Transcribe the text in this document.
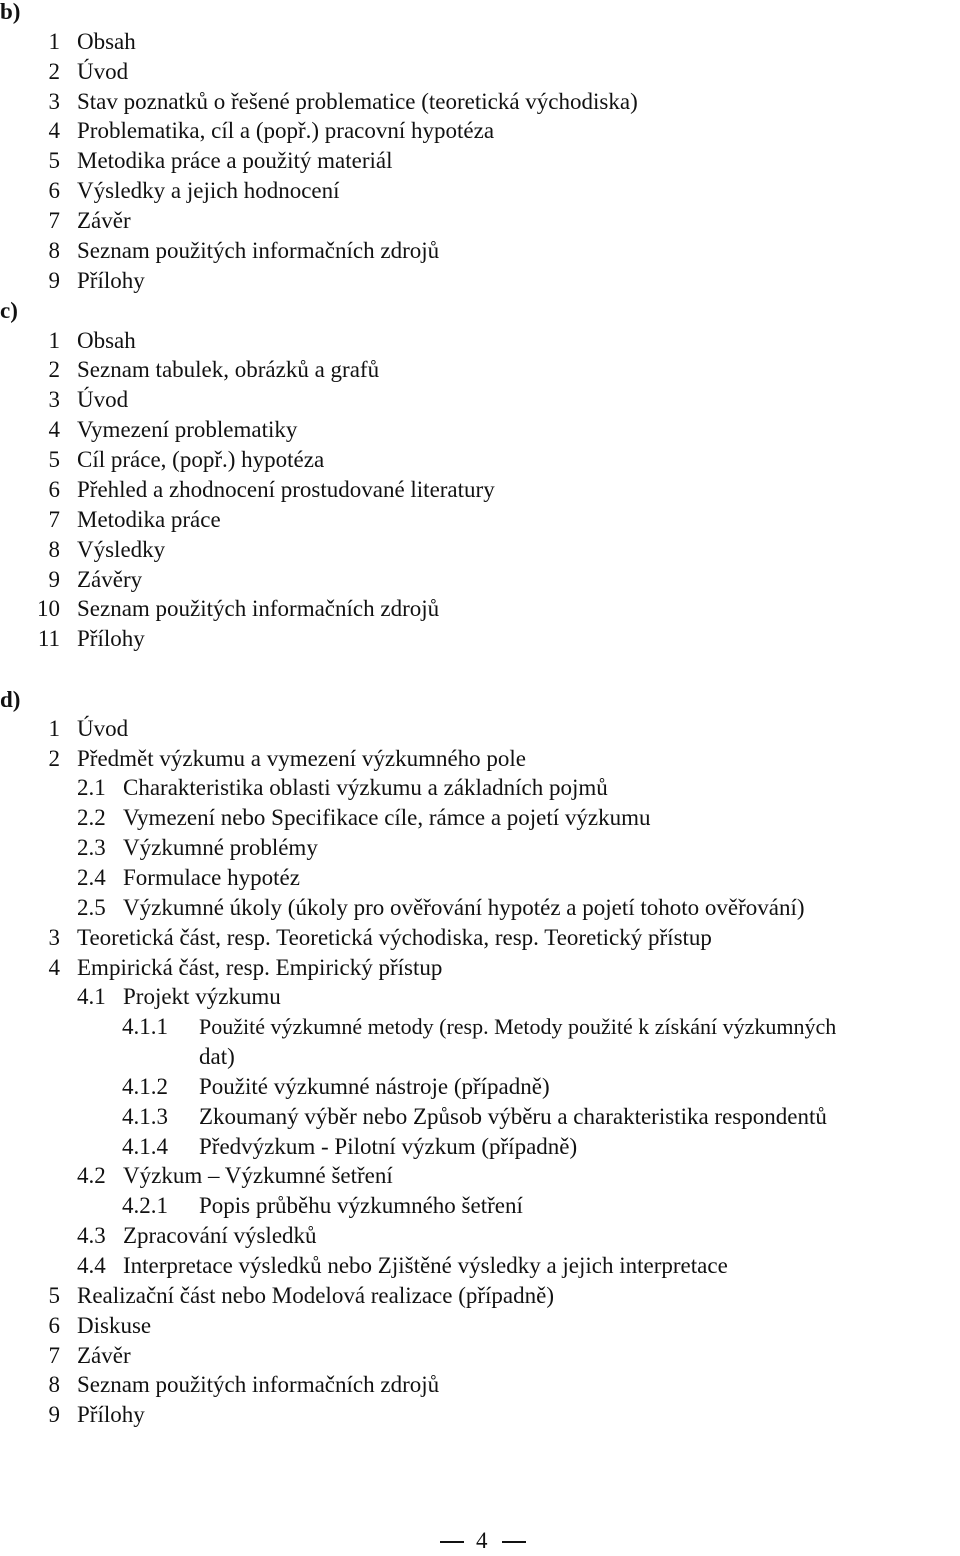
b)
1 Obsah
2 Úvod
3 Stav poznatků o řešené problematice (teoretická východiska)
4 Problematika, cíl a (popř.) pracovní hypotéza
5 Metodika práce a použitý materiál
6 Výsledky a jejich hodnocení
7 Závěr
8 Seznam použitých informačních zdrojů
9 Přílohy
c)
1 Obsah
2 Seznam tabulek, obrázků a grafů
3 Úvod
4 Vymezení problematiky
5 Cíl práce, (popř.) hypotéza
6 Přehled a zhodnocení prostudované literatury
7 Metodika práce
8 Výsledky
9 Závěry
10 Seznam použitých informačních zdrojů
11 Přílohy
d)
1 Úvod
2 Předmět výzkumu a vymezení výzkumného pole
2.1 Charakteristika oblasti výzkumu a základních pojmů
2.2 Vymezení nebo Specifikace cíle, rámce a pojetí výzkumu
2.3 Výzkumné problémy
2.4 Formulace hypotéz
2.5 Výzkumné úkoly (úkoly pro ověřování hypotéz a pojetí tohoto ověřování)
3 Teoretická část, resp. Teoretická východiska, resp. Teoretický přístup
4 Empirická část, resp. Empirický přístup
4.1 Projekt výzkumu
4.1.1 Použité výzkumné metody (resp. Metody použité k získání výzkumných
dat)
4.1.2 Použité výzkumné nástroje (případně)
4.1.3 Zkoumaný výběr nebo Způsob výběru a charakteristika respondentů
4.1.4 Předvýzkum - Pilotní výzkum (případně)
4.2 Výzkum – Výzkumné šetření
4.2.1 Popis průběhu výzkumného šetření
4.3 Zpracování výsledků
4.4 Interpretace výsledků nebo Zjištěné výsledky a jejich interpretace
5 Realizační část nebo Modelová realizace (případně)
6 Diskuse
7 Závěr
8 Seznam použitých informačních zdrojů
9 Přílohy
4
